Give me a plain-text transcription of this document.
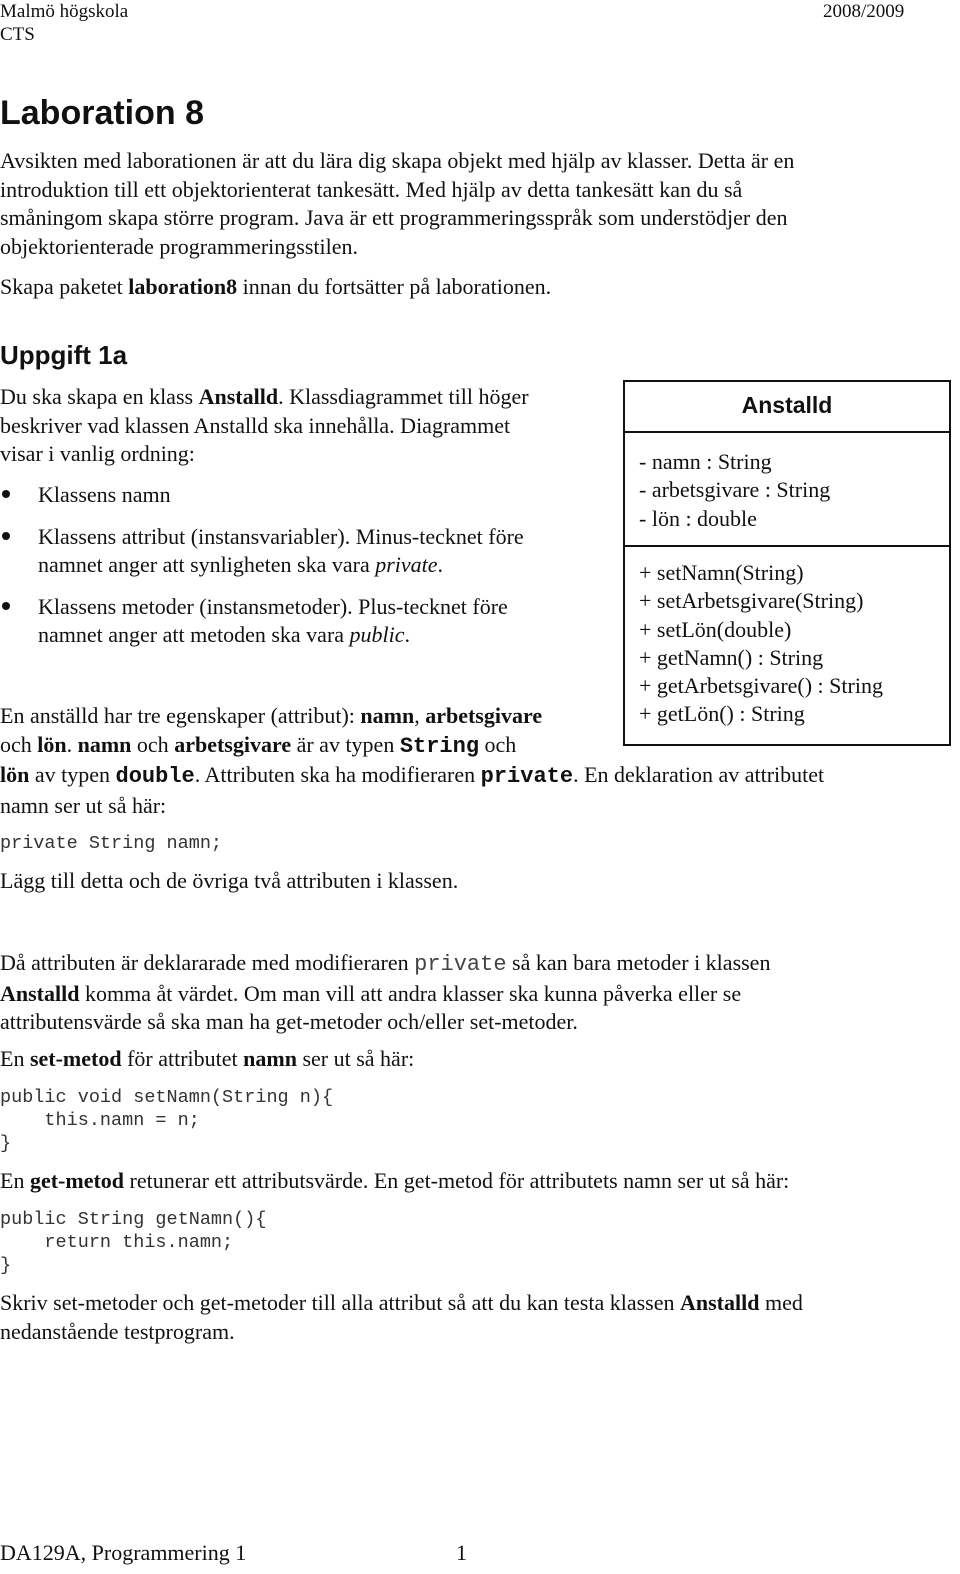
Malmö högskola
CTS
2008/2009
Laboration 8
Avsikten med laborationen är att du lära dig skapa objekt med hjälp av klasser. Detta är en
introduktion till ett objektorienterat tankesätt. Med hjälp av detta tankesätt kan du så
småningom skapa större program. Java är ett programmeringsspråk som understödjer den
objektorienterade programmeringsstilen.
Skapa paketet laboration8 innan du fortsätter på laborationen.
Uppgift 1a
Du ska skapa en klass Anstalld. Klassdiagrammet till höger
beskriver vad klassen Anstalld ska innehålla. Diagrammet
visar i vanlig ordning:
Klassens namn
Klassens attribut (instansvariabler). Minus-tecknet före
namnet anger att synligheten ska vara private.
Klassens metoder (instansmetoder). Plus-tecknet före
namnet anger att metoden ska vara public.
Anstalld
- namn : String
- arbetsgivare : String
- lön : double
+ setNamn(String)
+ setArbetsgivare(String)
+ setLön(double)
+ getNamn() : String
+ getArbetsgivare() : String
+ getLön() : String
En anställd har tre egenskaper (attribut): namn, arbetsgivare
och lön. namn och arbetsgivare är av typen String och
lön av typen double. Attributen ska ha modifieraren private. En deklaration av attributet
namn ser ut så här:
private String namn;
Lägg till detta och de övriga två attributen i klassen.
Då attributen är deklararade med modifieraren private så kan bara metoder i klassen
Anstalld komma åt värdet. Om man vill att andra klasser ska kunna påverka eller se
attributensvärde så ska man ha get-metoder och/eller set-metoder.
En set-metod för attributet namn ser ut så här:
public void setNamn(String n){
this.namn = n;
}
En get-metod retunerar ett attributsvärde. En get-metod för attributets namn ser ut så här:
public String getNamn(){
return this.namn;
}
Skriv set-metoder och get-metoder till alla attribut så att du kan testa klassen Anstalld med
nedanstående testprogram.
DA129A, Programmering 1	1
